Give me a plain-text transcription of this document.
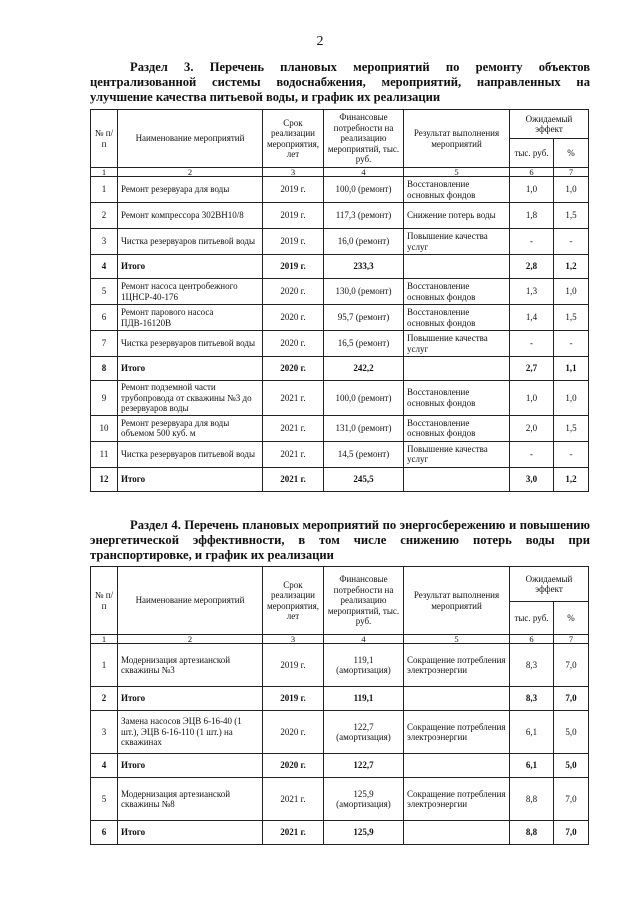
2
Раздел 3. Перечень плановых мероприятий по ремонту объектов централизованной системы водоснабжения, мероприятий, направленных на улучшение качества питьевой воды, и график их реализации
№ п/п	Наименование мероприятий	Срок реализации мероприятия, лет	Финансовые потребности на реализацию мероприятий, тыс. руб.	Результат выполнения мероприятий	Ожидаемый эффект	
					тыс. руб.	%
1	2	3	4	5	6	7
1	Ремонт резервуара для воды	2019 г.	100,0 (ремонт)	Восстановление основных фондов	1,0	1,0
2	Ремонт компрессора 302ВН10/8	2019 г.	117,3 (ремонт)	Снижение потерь воды	1,8	1,5
3	Чистка резервуаров питьевой воды	2019 г.	16,0 (ремонт)	Повышение качества услуг	-	-
4	Итого	2019 г.	233,3		2,8	1,2
5	Ремонт насоса центробежного 1ЦНСР-40-176	2020 г.	130,0 (ремонт)	Восстановление основных фондов	1,3	1,0
6	Ремонт парового насоса ПДВ-16120В	2020 г.	95,7 (ремонт)	Восстановление основных фондов	1,4	1,5
7	Чистка резервуаров питьевой воды	2020 г.	16,5 (ремонт)	Повышение качества услуг	-	-
8	Итого	2020 г.	242,2		2,7	1,1
9	Ремонт подземной части трубопровода от скважины №3 до резервуаров воды	2021 г.	100,0 (ремонт)	Восстановление основных фондов	1,0	1,0
10	Ремонт резервуара для воды объемом 500 куб. м	2021 г.	131,0 (ремонт)	Восстановление основных фондов	2,0	1,5
11	Чистка резервуаров питьевой воды	2021 г.	14,5 (ремонт)	Повышение качества услуг	-	-
12	Итого	2021 г.	245,5		3,0	1,2
Раздел 4. Перечень плановых мероприятий по энергосбережению и повышению энергетической эффективности, в том числе снижению потерь воды при транспортировке, и график их реализации
№ п/п	Наименование мероприятий	Срок реализации мероприятия, лет	Финансовые потребности на реализацию мероприятий, тыс. руб.	Результат выполнения мероприятий	Ожидаемый эффект	
					тыс. руб.	%
1	2	3	4	5	6	7
1	Модернизация артезианской скважины №3	2019 г.	119,1 (амортизация)	Сокращение потребления электроэнергии	8,3	7,0
2	Итого	2019 г.	119,1		8,3	7,0
3	Замена насосов ЭЦВ 6-16-40 (1 шт.), ЭЦВ 6-16-110 (1 шт.) на скважинах	2020 г.	122,7 (амортизация)	Сокращение потребления электроэнергии	6,1	5,0
4	Итого	2020 г.	122,7		6,1	5,0
5	Модернизация артезианской скважины №8	2021 г.	125,9 (амортизация)	Сокращение потребления электроэнергии	8,8	7,0
6	Итого	2021 г.	125,9		8,8	7,0
